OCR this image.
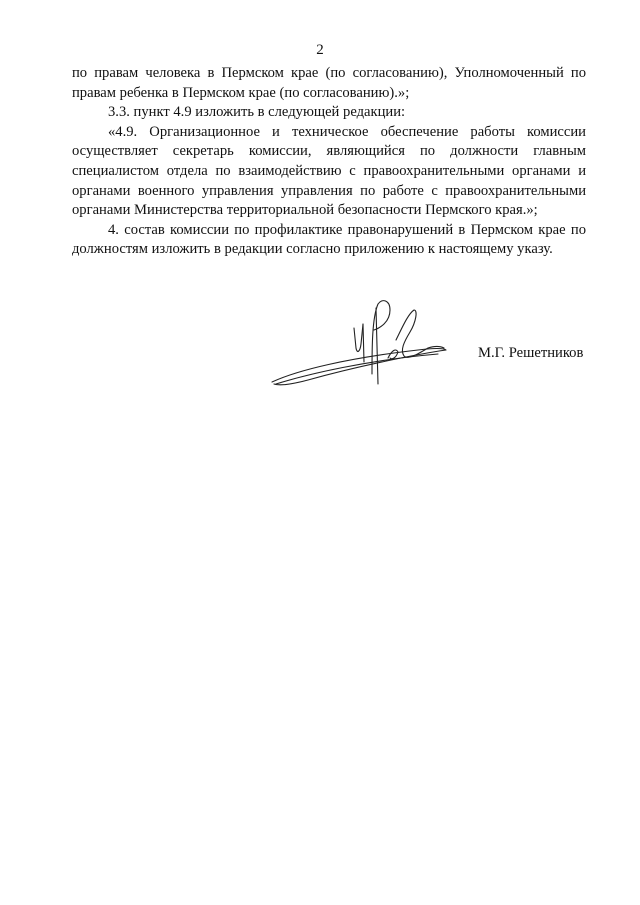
2

по правам человека в Пермском крае (по согласованию), Уполномоченный по правам ребенка в Пермском крае (по согласованию).»;

3.3. пункт 4.9 изложить в следующей редакции:

«4.9. Организационное и техническое обеспечение работы комиссии осуществляет секретарь комиссии, являющийся по должности главным специалистом отдела по взаимодействию с правоохранительными органами и органами военного управления управления по работе с правоохранительными органами Министерства территориальной безопасности Пермского края.»;

4. состав комиссии по профилактике правонарушений в Пермском крае по должностям изложить в редакции согласно приложению к настоящему указу.

М.Г. Решетников
